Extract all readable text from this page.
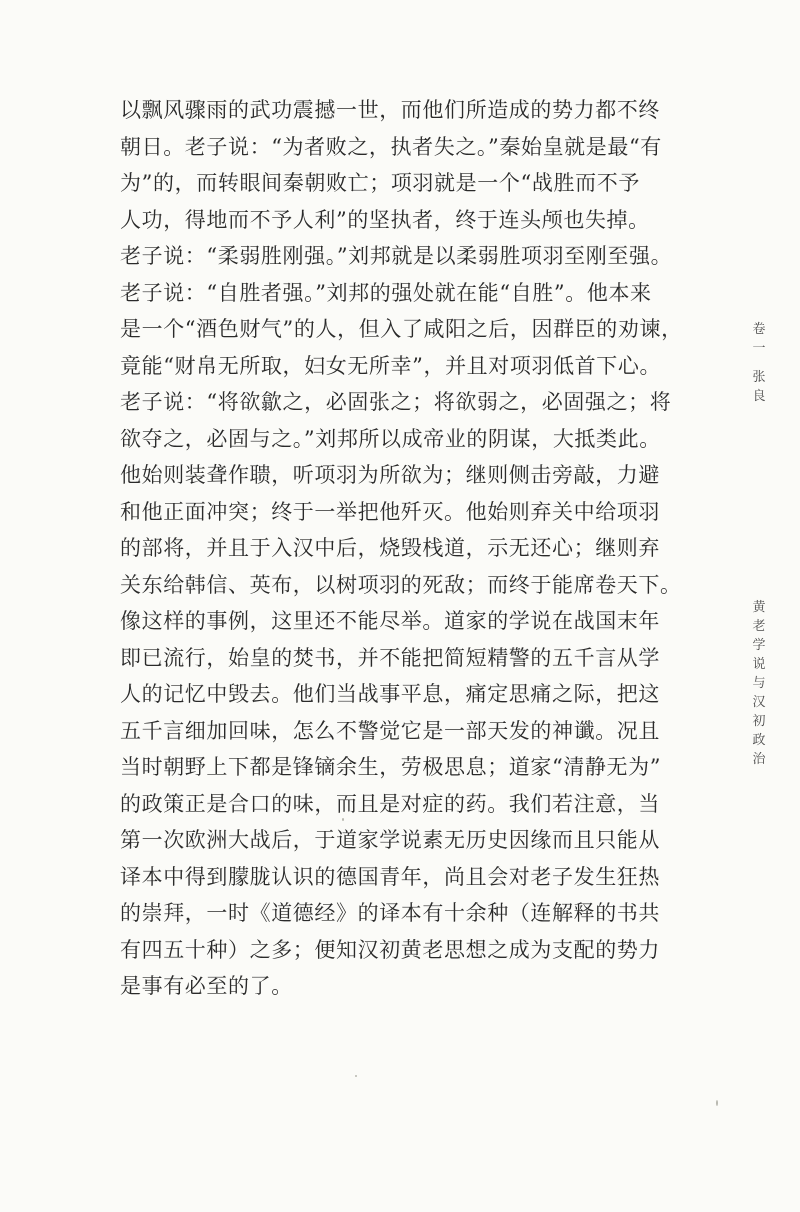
以飘风骤雨的武功震撼一世，而他们所造成的势力都不终
朝日。老子说：“为者败之，执者失之。”秦始皇就是最“有
为”的，而转眼间秦朝败亡；项羽就是一个“战胜而不予
人功，得地而不予人利”的坚执者，终于连头颅也失掉。
老子说：“柔弱胜刚强。”刘邦就是以柔弱胜项羽至刚至强。
老子说：“自胜者强。”刘邦的强处就在能“自胜”。他本来
是一个“酒色财气”的人，但入了咸阳之后，因群臣的劝谏，
竟能“财帛无所取，妇女无所幸”，并且对项羽低首下心。
老子说：“将欲歙之，必固张之；将欲弱之，必固强之；将
欲夺之，必固与之。”刘邦所以成帝业的阴谋，大抵类此。
他始则装聋作聩，听项羽为所欲为；继则侧击旁敲，力避
和他正面冲突；终于一举把他歼灭。他始则弃关中给项羽
的部将，并且于入汉中后，烧毁栈道，示无还心；继则弃
关东给韩信、英布，以树项羽的死敌；而终于能席卷天下。
像这样的事例，这里还不能尽举。道家的学说在战国末年
即已流行，始皇的焚书，并不能把简短精警的五千言从学
人的记忆中毁去。他们当战事平息，痛定思痛之际，把这
五千言细加回味，怎么不警觉它是一部天发的神谶。况且
当时朝野上下都是锋镝余生，劳极思息；道家“清静无为”
的政策正是合口的味，而且是对症的药。我们若注意，当
第一次欧洲大战后，于道家学说素无历史因缘而且只能从
译本中得到朦胧认识的德国青年，尚且会对老子发生狂热
的崇拜，一时《道德经》的译本有十余种（连解释的书共
有四五十种）之多；便知汉初黄老思想之成为支配的势力
是事有必至的了。
卷一
张良
黄老学说与汉初政治
